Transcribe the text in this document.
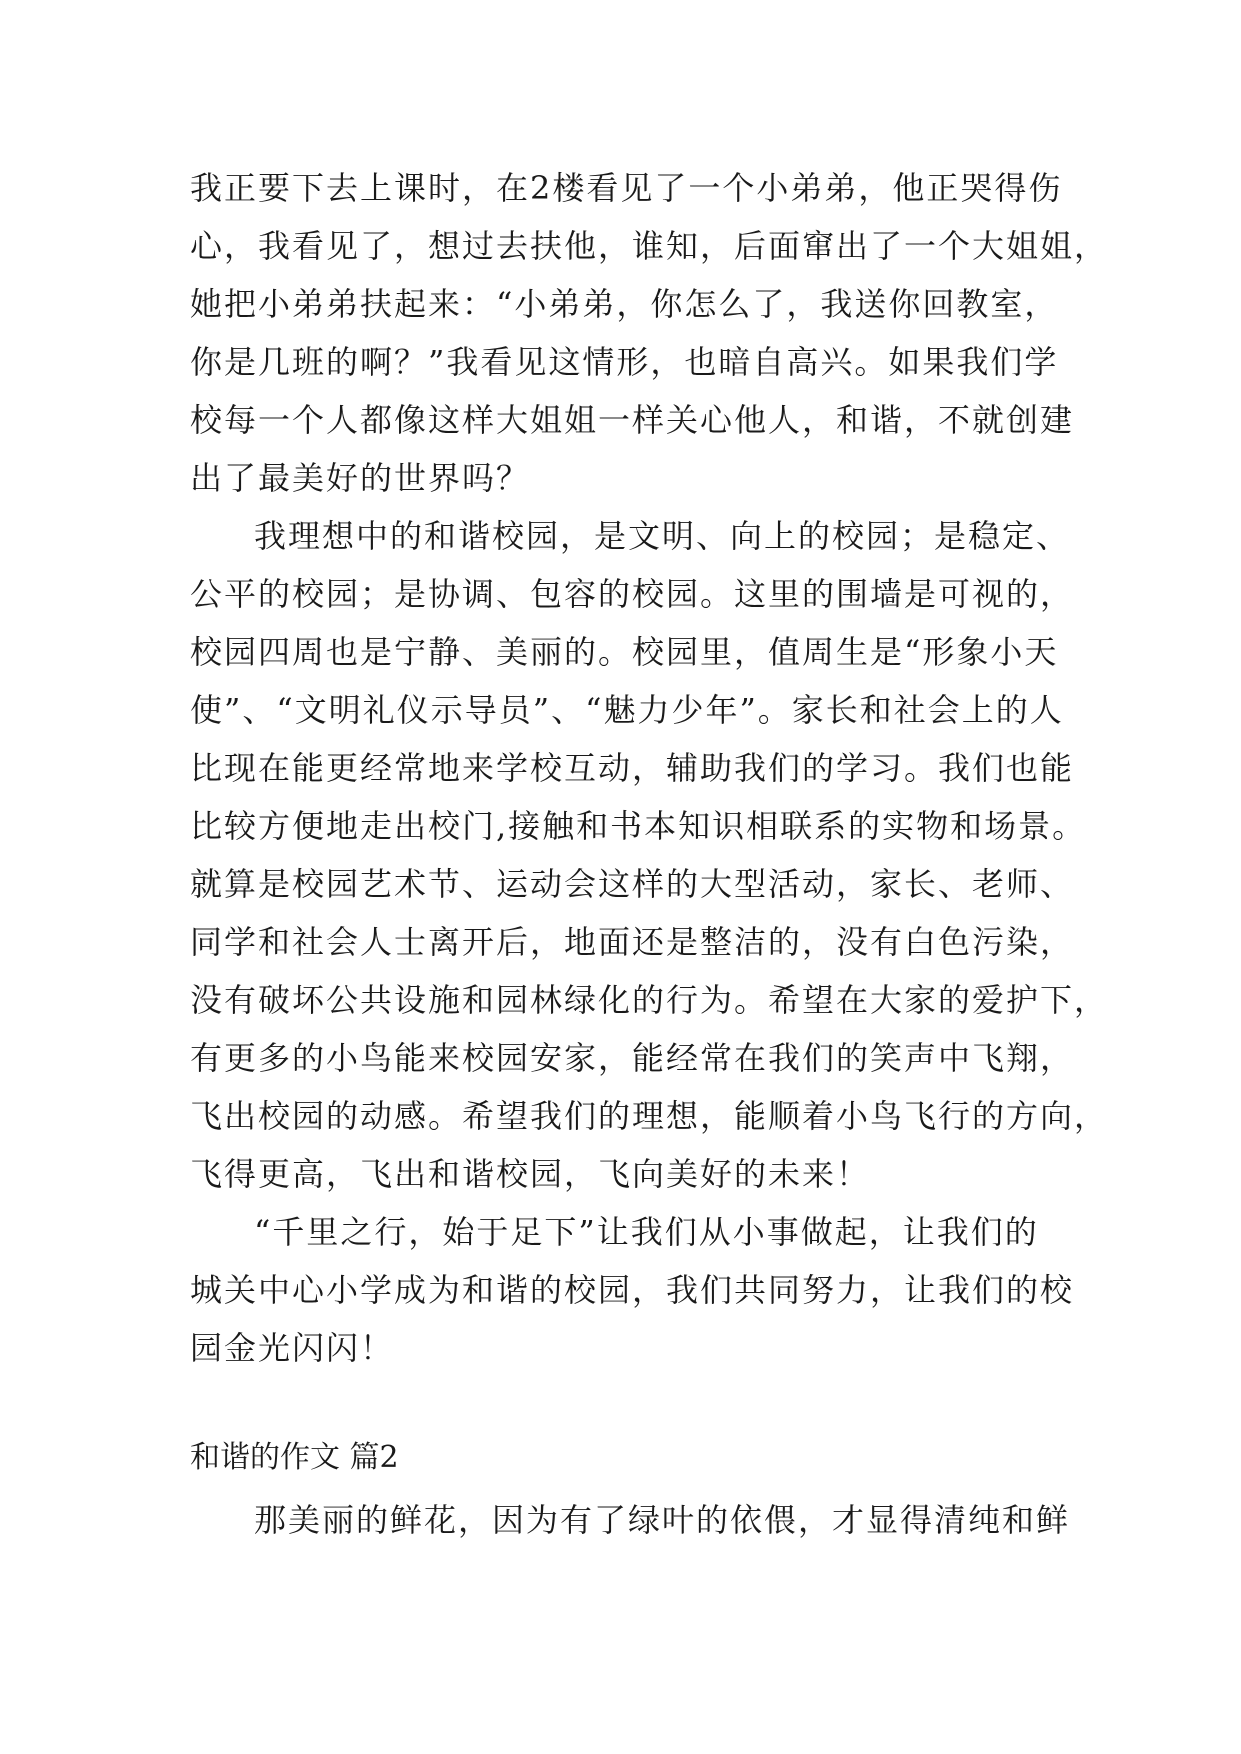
我正要下去上课时，在2楼看见了一个小弟弟，他正哭得伤
心，我看见了，想过去扶他，谁知，后面窜出了一个大姐姐，
她把小弟弟扶起来：“小弟弟，你怎么了，我送你回教室，
你是几班的啊？”我看见这情形，也暗自高兴。如果我们学
校每一个人都像这样大姐姐一样关心他人，和谐，不就创建
出了最美好的世界吗？
我理想中的和谐校园，是文明、向上的校园；是稳定、
公平的校园；是协调、包容的校园。这里的围墙是可视的，
校园四周也是宁静、美丽的。校园里，值周生是“形象小天
使”、“文明礼仪示导员”、“魅力少年”。家长和社会上的人
比现在能更经常地来学校互动，辅助我们的学习。我们也能
比较方便地走出校门,接触和书本知识相联系的实物和场景。
就算是校园艺术节、运动会这样的大型活动，家长、老师、
同学和社会人士离开后，地面还是整洁的，没有白色污染，
没有破坏公共设施和园林绿化的行为。希望在大家的爱护下，
有更多的小鸟能来校园安家，能经常在我们的笑声中飞翔，
飞出校园的动感。希望我们的理想，能顺着小鸟飞行的方向，
飞得更高，飞出和谐校园，飞向美好的未来！
“千里之行，始于足下”让我们从小事做起，让我们的
城关中心小学成为和谐的校园，我们共同努力，让我们的校
园金光闪闪！
和谐的作文 篇2
那美丽的鲜花，因为有了绿叶的依偎，才显得清纯和鲜
